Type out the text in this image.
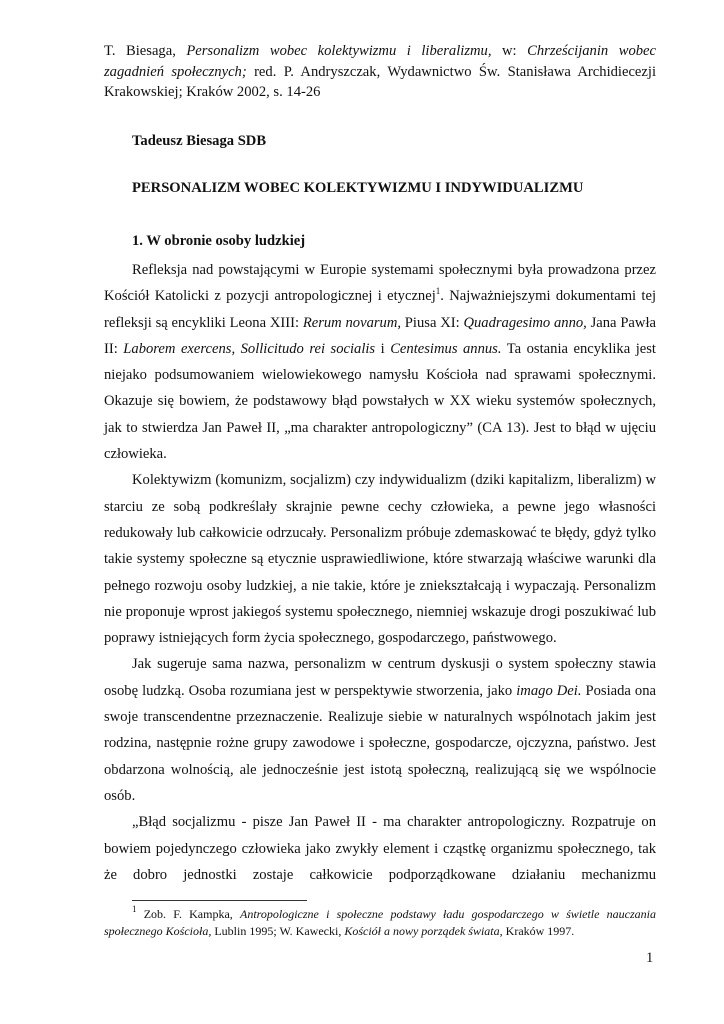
T. Biesaga, Personalizm wobec kolektywizmu i liberalizmu, w: Chrześcijanin wobec zagadnień społecznych; red. P. Andryszczak, Wydawnictwo Św. Stanisława Archidiecezji Krakowskiej; Kraków 2002, s. 14-26
Tadeusz Biesaga SDB
PERSONALIZM WOBEC KOLEKTYWIZMU I INDYWIDUALIZMU
1. W obronie osoby ludzkiej

Refleksja nad powstającymi w Europie systemami społecznymi była prowadzona przez Kościół Katolicki z pozycji antropologicznej i etycznej$^1$. Najważniejszymi dokumentami tej refleksji są encykliki Leona XIII: Rerum novarum, Piusa XI: Quadragesimo anno, Jana Pawła II: Laborem exercens, Sollicitudo rei socialis i Centesimus annus. Ta ostania encyklika jest niejako podsumowaniem wielowiekowego namysłu Kościoła nad sprawami społecznymi. Okazuje się bowiem, że podstawowy błąd powstałych w XX wieku systemów społecznych, jak to stwierdza Jan Paweł II, „ma charakter antropologiczny” (CA 13). Jest to błąd w ujęciu człowieka.

Kolektywizm (komunizm, socjalizm) czy indywidualizm (dziki kapitalizm, liberalizm) w starciu ze sobą podkreślały skrajnie pewne cechy człowieka, a pewne jego własności redukowały lub całkowicie odrzucały. Personalizm próbuje zdemaskować te błędy, gdyż tylko takie systemy społeczne są etycznie usprawiedliwione, które stwarzają właściwe warunki dla pełnego rozwoju osoby ludzkiej, a nie takie, które je zniekształcają i wypaczają. Personalizm nie proponuje wprost jakiegoś systemu społecznego, niemniej wskazuje drogi poszukiwać lub poprawy istniejących form życia społecznego, gospodarczego, państwowego.

Jak sugeruje sama nazwa, personalizm w centrum dyskusji o system społeczny stawia osobę ludzką. Osoba rozumiana jest w perspektywie stworzenia, jako imago Dei. Posiada ona swoje transcendentne przeznaczenie. Realizuje siebie w naturalnych wspólnotach jakim jest rodzina, następnie rożne grupy zawodowe i społeczne, gospodarcze, ojczyzna, państwo. Jest obdarzona wolnością, ale jednocześnie jest istotą społeczną, realizującą się we wspólnocie osób.

„Błąd socjalizmu - pisze Jan Paweł II - ma charakter antropologiczny. Rozpatruje on bowiem pojedynczego człowieka jako zwykły element i cząstkę organizmu społecznego, tak że dobro jednostki zostaje całkowicie podporządkowane działaniu mechanizmu

$^1$ Zob. F. Kampka, Antropologiczne i społeczne podstawy ładu gospodarczego w świetle nauczania społecznego Kościoła, Lublin 1995; W. Kawecki, Kościół a nowy porządek świata, Kraków 1997.
1
